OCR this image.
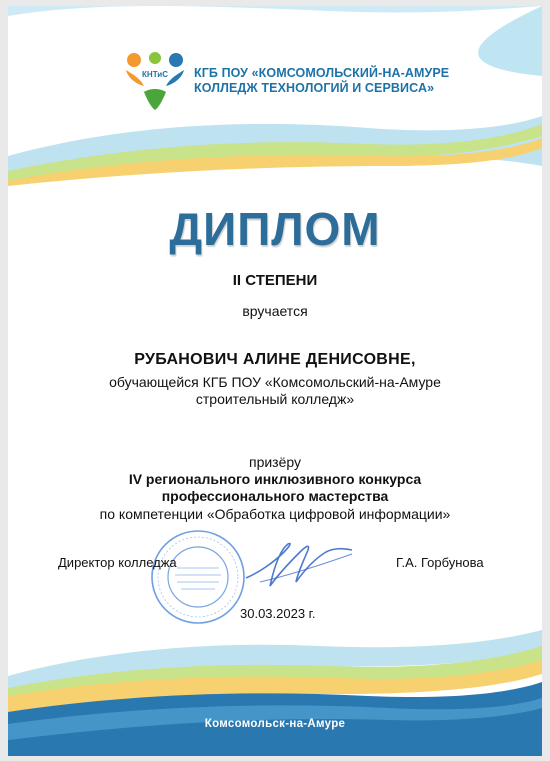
КНТиС КГБ ПОУ «КОМСОМОЛЬСКИЙ-НА-АМУРЕ
КОЛЛЕДЖ ТЕХНОЛОГИЙ И СЕРВИСА»
ДИПЛОМ
II СТЕПЕНИ
вручается
РУБАНОВИЧ АЛИНЕ ДЕНИСОВНЕ,
обучающейся КГБ ПОУ «Комсомольский-на-Амуре
строительный колледж»
призёру
IV регионального инклюзивного конкурса
профессионального мастерства
по компетенции «Обработка цифровой информации»
Директор колледжа	Г.А. Горбунова
30.03.2023 г.
Комсомольск-на-Амуре
